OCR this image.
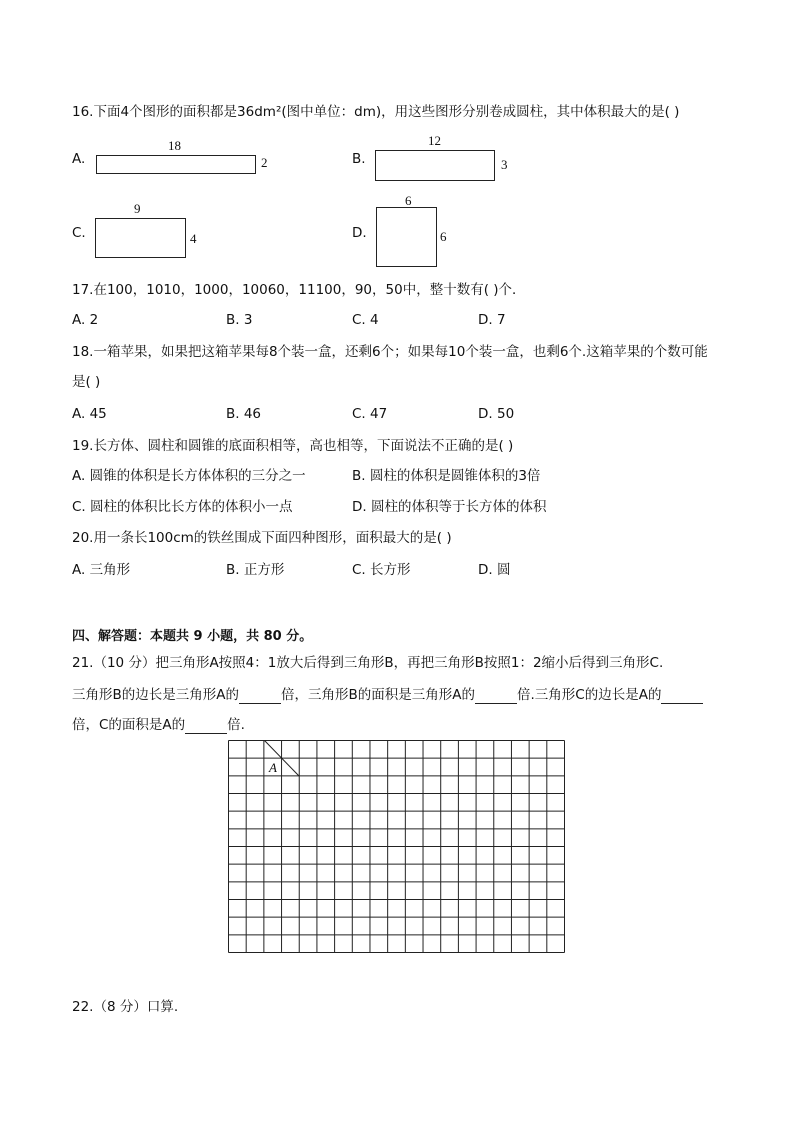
16.下面4个图形的面积都是36dm²(图中单位：dm)，用这些图形分别卷成圆柱，其中体积最大的是( )
A.
18
2	B.
12
3
C.
9
4	D.
6
6
17.在100，1010，1000，10060，11100，90，50中，整十数有( )个．
A. 2	B. 3	C. 4	D. 7
18.一箱苹果，如果把这箱苹果每8个装一盒，还剩6个；如果每10个装一盒，也剩6个.这箱苹果的个数可能
是( )
A. 45	B. 46	C. 47	D. 50
19.长方体、圆柱和圆锥的底面积相等，高也相等，下面说法不正确的是( )
A. 圆锥的体积是长方体体积的三分之一	B. 圆柱的体积是圆锥体积的3倍
C. 圆柱的体积比长方体的体积小一点	D. 圆柱的体积等于长方体的体积
20.用一条长100cm的铁丝围成下面四种图形，面积最大的是( )
A. 三角形	B. 正方形	C. 长方形	D. 圆
四、解答题：本题共 9 小题，共 80 分。
21.（10 分）把三角形A按照4：1放大后得到三角形B，再把三角形B按照1：2缩小后得到三角形C.
三角形B的边长是三角形A的	倍，三角形B的面积是三角形A的	倍.三角形C的边长是A的
倍，C的面积是A的	倍.
A
22.（8 分）口算.
